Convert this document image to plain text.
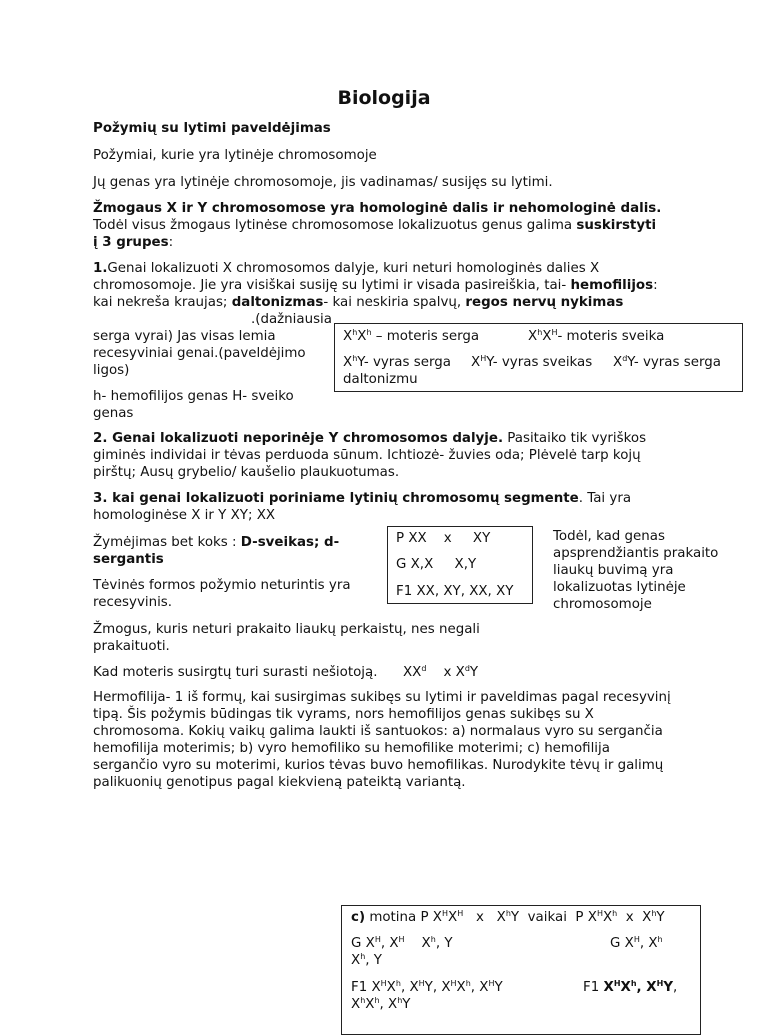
Biologija

Požymių su lytimi paveldėjimas

Požymiai, kurie yra lytinėje chromosomoje

Jų genas yra lytinėje chromosomoje, jis vadinamas/ susijęs su lytimi.

Žmogaus X ir Y chromosomose yra homologinė dalis ir nehomologinė dalis. Todėl visus žmogaus lytinėse chromosomose lokalizuotus genus galima suskirstyti į 3 grupes:

1.Genai lokalizuoti X chromosomos dalyje, kuri neturi homologinės dalies X chromosomoje. Jie yra visiškai susiję su lytimi ir visada pasireiškia, tai- hemofilijos: kai nekreša kraujas; daltonizmas- kai neskiria spalvų, regos nervų nykimas

.(dažniausia serga vyrai) Jas visas lemia recesyviniai genai.(paveldėjimo ligos)

h- hemofilijos genas H- sveiko genas

$X^hX^h$ – moteris serga	$X^hX^H-$ moteris sveika

$X^hY-$ vyras serga $X^HY-$ vyras sveikas $X^dY-$ vyras serga

daltonizmu

2. Genai lokalizuoti neporinėje Y chromosomos dalyje. Pasitaiko tik vyriškos giminės individai ir tėvas perduoda sūnum. Ichtiozė- žuvies oda; Plėvelė tarp kojų pirštų; Ausų grybelio/ kaušelio plaukuotumas.

3. kai genai lokalizuoti poriniame lytinių chromosomų segmente. Tai yra homologinėse X ir Y XY; XX

Žymėjimas bet koks : D-sveikas; d-sergantis

P XX    x     XY

G X,X     X,Y

F1 XX, XY, XX, XY

Todėl, kad genas apsprendžiantis prakaito liaukų buvimą yra lokalizuotas lytinėje chromosomoje

Tėvinės formos požymio neturintis yra recesyvinis.

Žmogus, kuris neturi prakaito liaukų perkaistų, nes negali prakaituoti.

Kad moteris susirgtų turi surasti nešiotoją. $XX^d$    x $X^dY$

Hermofilija- 1 iš formų, kai susirgimas sukibęs su lytimi ir paveldimas pagal recesyvinį tipą. Šis požymis būdingas tik vyrams, nors hemofilijos genas sukibęs su X chromosoma. Kokių vaikų galima laukti iš santuokos: a) normalaus vyro su sergančia hemofilija moterimis; b) vyro hemofiliko su hemofilike moterimi; c) hemofilija sergančio vyro su moterimi, kurios tėvas buvo hemofilikas. Nurodykite tėvų ir galimų palikuonių genotipus pagal kiekvieną pateiktą variantą.

c) motina P $X^HX^H$   x   $X^hY$  vaikai  P $X^HX^h$  x  $X^hY$

G $X^H$, $X^H$    $X^h$, Y	G $X^H$, $X^h$

$X^h$, Y

F1 $X^HX^h$, $X^HY$, $X^HX^h$, $X^HY$	F1 $X^HX^h$, $X^HY$,

$X^hX^h$, $X^hY$
